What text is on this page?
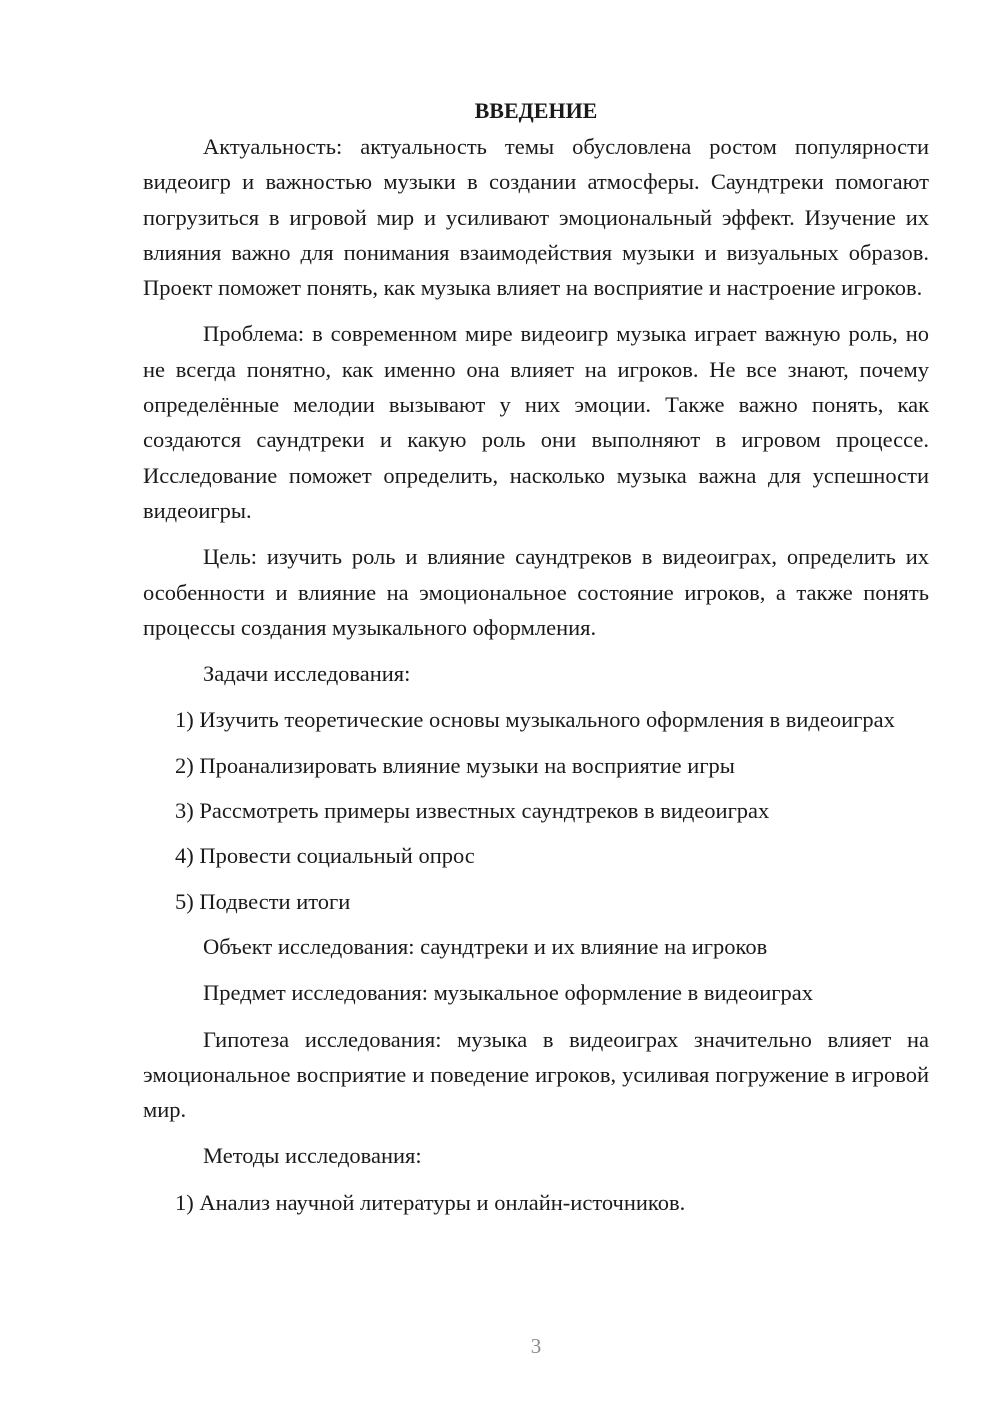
ВВЕДЕНИЕ

Актуальность: актуальность темы обусловлена ростом популярности видеоигр и важностью музыки в создании атмосферы. Саундтреки помогают погрузиться в игровой мир и усиливают эмоциональный эффект. Изучение их влияния важно для понимания взаимодействия музыки и визуальных образов. Проект поможет понять, как музыка влияет на восприятие и настроение игроков.

Проблема: в современном мире видеоигр музыка играет важную роль, но не всегда понятно, как именно она влияет на игроков. Не все знают, почему определённые мелодии вызывают у них эмоции. Также важно понять, как создаются саундтреки и какую роль они выполняют в игровом процессе. Исследование поможет определить, насколько музыка важна для успешности видеоигры.

Цель: изучить роль и влияние саундтреков в видеоиграх, определить их особенности и влияние на эмоциональное состояние игроков, а также понять процессы создания музыкального оформления.

Задачи исследования:

1) Изучить теоретические основы музыкального оформления в видеоиграх

2) Проанализировать влияние музыки на восприятие игры

3) Рассмотреть примеры известных саундтреков в видеоиграх

4) Провести социальный опрос

5) Подвести итоги

Объект исследования: саундтреки и их влияние на игроков

Предмет исследования: музыкальное оформление в видеоиграх

Гипотеза исследования: музыка в видеоиграх значительно влияет на эмоциональное восприятие и поведение игроков, усиливая погружение в игровой мир.

Методы исследования:

1) Анализ научной литературы и онлайн-источников.

3
